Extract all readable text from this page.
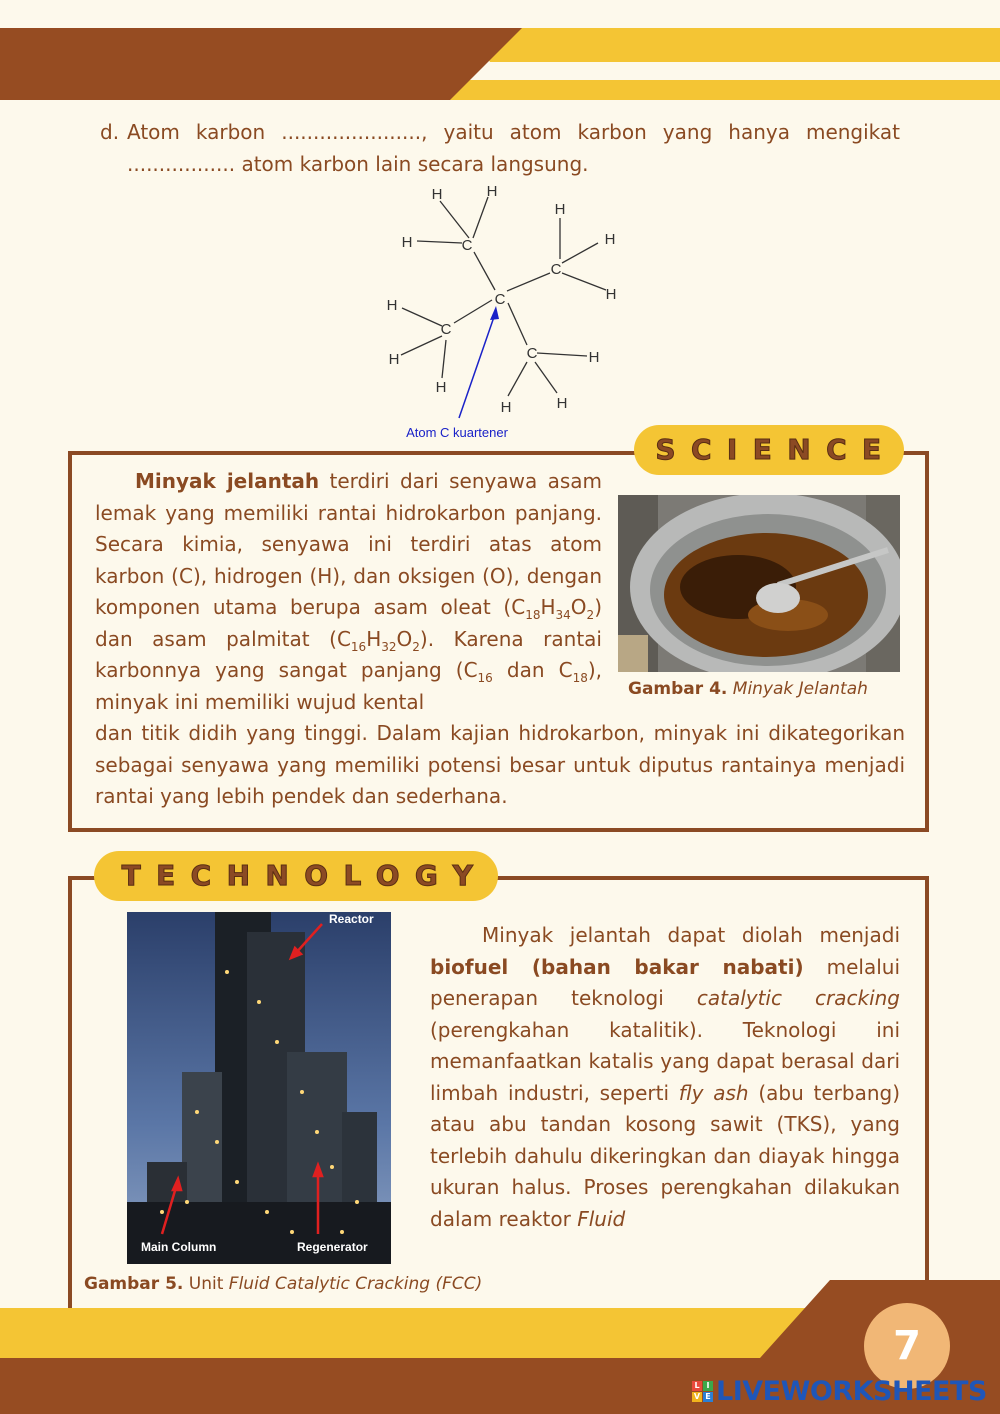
d. Atom karbon ......................, yaitu atom karbon yang hanya mengikat
................. atom karbon lain secara langsung.
C
C
C
C
C
H	H
H
H
H
H
H
H
H
H
H	H
Atom C kuartener
SCIENCE
Minyak jelantah terdiri dari senyawa asam lemak yang memiliki rantai hidrokarbon panjang. Secara kimia, senyawa ini terdiri atas atom karbon (C), hidrogen (H), dan oksigen (O), dengan komponen utama berupa asam oleat $(C_{18}H_{34}O_2)$ dan asam palmitat $(C_{16}H_{32}O_2)$. Karena rantai karbonnya yang sangat panjang ($C_{16}$ dan $C_{18}$), minyak ini memiliki wujud kental
dan titik didih yang tinggi. Dalam kajian hidrokarbon, minyak ini dikategorikan sebagai senyawa yang memiliki potensi besar untuk diputus rantainya menjadi rantai yang lebih pendek dan sederhana.
Gambar 4. Minyak Jelantah
TECHNOLOGY
Reactor
Main Column	Regenerator
Gambar 5. Unit Fluid Catalytic Cracking (FCC)
Minyak jelantah dapat diolah menjadi biofuel (bahan bakar nabati) melalui penerapan teknologi catalytic cracking (perengkahan katalitik). Teknologi ini memanfaatkan katalis yang dapat berasal dari limbah industri, seperti fly ash (abu terbang) atau abu tandan kosong sawit (TKS), yang terlebih dahulu dikeringkan dan diayak hingga ukuran halus. Proses perengkahan dilakukan dalam reaktor Fluid
7
L I
V E LIVEWORKSHEETS
